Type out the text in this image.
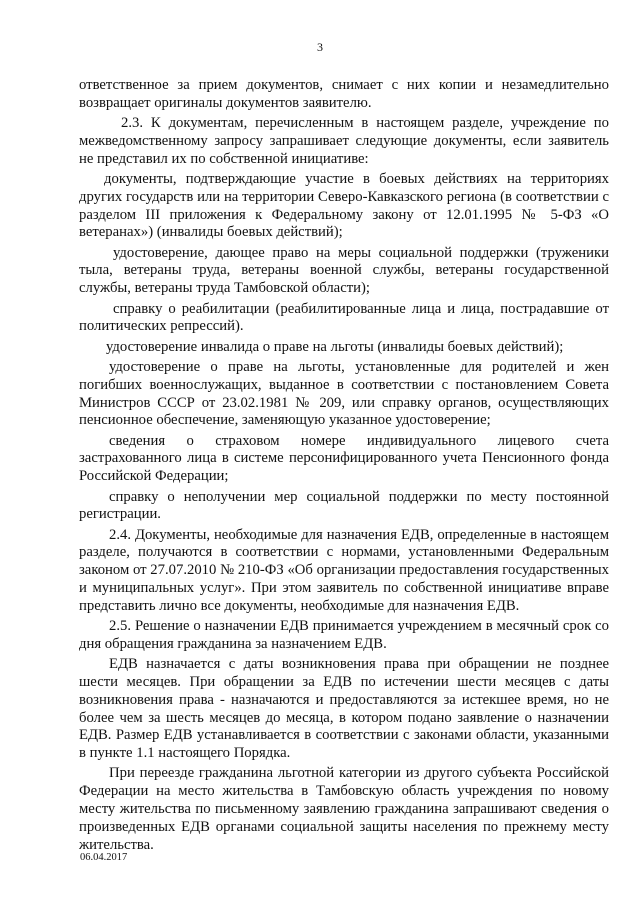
3

ответственное за прием документов, снимает с них копии и незамедлительно возвращает оригиналы документов заявителю.

2.3. К документам, перечисленным в настоящем разделе, учреждение по межведомственному запросу запрашивает следующие документы, если заявитель не представил их по собственной инициативе:

документы, подтверждающие участие в боевых действиях на территориях других государств или на территории Северо-Кавказского региона (в соответствии с разделом III приложения к Федеральному закону от 12.01.1995 № 5-ФЗ «О ветеранах») (инвалиды боевых действий);

удостоверение, дающее право на меры социальной поддержки (труженики тыла, ветераны труда, ветераны военной службы, ветераны государственной службы, ветераны труда Тамбовской области);

справку о реабилитации (реабилитированные лица и лица, пострадавшие от политических репрессий).

удостоверение инвалида о праве на льготы (инвалиды боевых действий);

удостоверение о праве на льготы, установленные для родителей и жен погибших военнослужащих, выданное в соответствии с постановлением Совета Министров СССР от 23.02.1981 № 209, или справку органов, осуществляющих пенсионное обеспечение, заменяющую указанное удостоверение;

сведения о страховом номере индивидуального лицевого счета застрахованного лица в системе персонифицированного учета Пенсионного фонда Российской Федерации;

справку о неполучении мер социальной поддержки по месту постоянной регистрации.

2.4. Документы, необходимые для назначения ЕДВ, определенные в настоящем разделе, получаются в соответствии с нормами, установленными Федеральным законом от 27.07.2010 № 210-ФЗ «Об организации предоставления государственных и муниципальных услуг». При этом заявитель по собственной инициативе вправе представить лично все документы, необходимые для назначения ЕДВ.

2.5. Решение о назначении ЕДВ принимается учреждением в месячный срок со дня обращения гражданина за назначением ЕДВ.

ЕДВ назначается с даты возникновения права при обращении не позднее шести месяцев. При обращении за ЕДВ по истечении шести месяцев с даты возникновения права - назначаются и предоставляются за истекшее время, но не более чем за шесть месяцев до месяца, в котором подано заявление о назначении ЕДВ. Размер ЕДВ устанавливается в соответствии с законами области, указанными в пункте 1.1 настоящего Порядка.

При переезде гражданина льготной категории из другого субъекта Российской Федерации на место жительства в Тамбовскую область учреждения по новому месту жительства по письменному заявлению гражданина запрашивают сведения о произведенных ЕДВ органами социальной защиты населения по прежнему месту жительства.

06.04.2017
